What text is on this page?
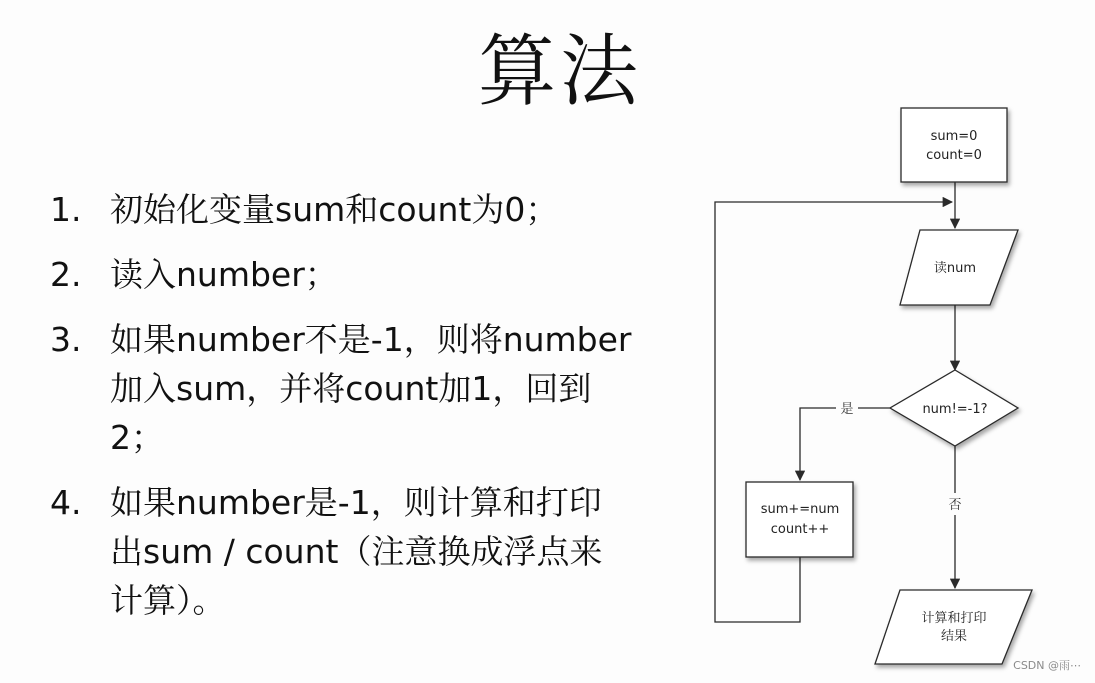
算法
1. 初始化变量sum和count为0；
2. 读入number；
3. 如果number不是-1，则将number
加入sum，并将count加1，回到
2；
4. 如果number是-1，则计算和打印
出sum / count（注意换成浮点来
计算）。
是
否
sum=0
count=0
读num
num!=-1?
sum+=num
count++
计算和打印
结果
CSDN @雨⋯
